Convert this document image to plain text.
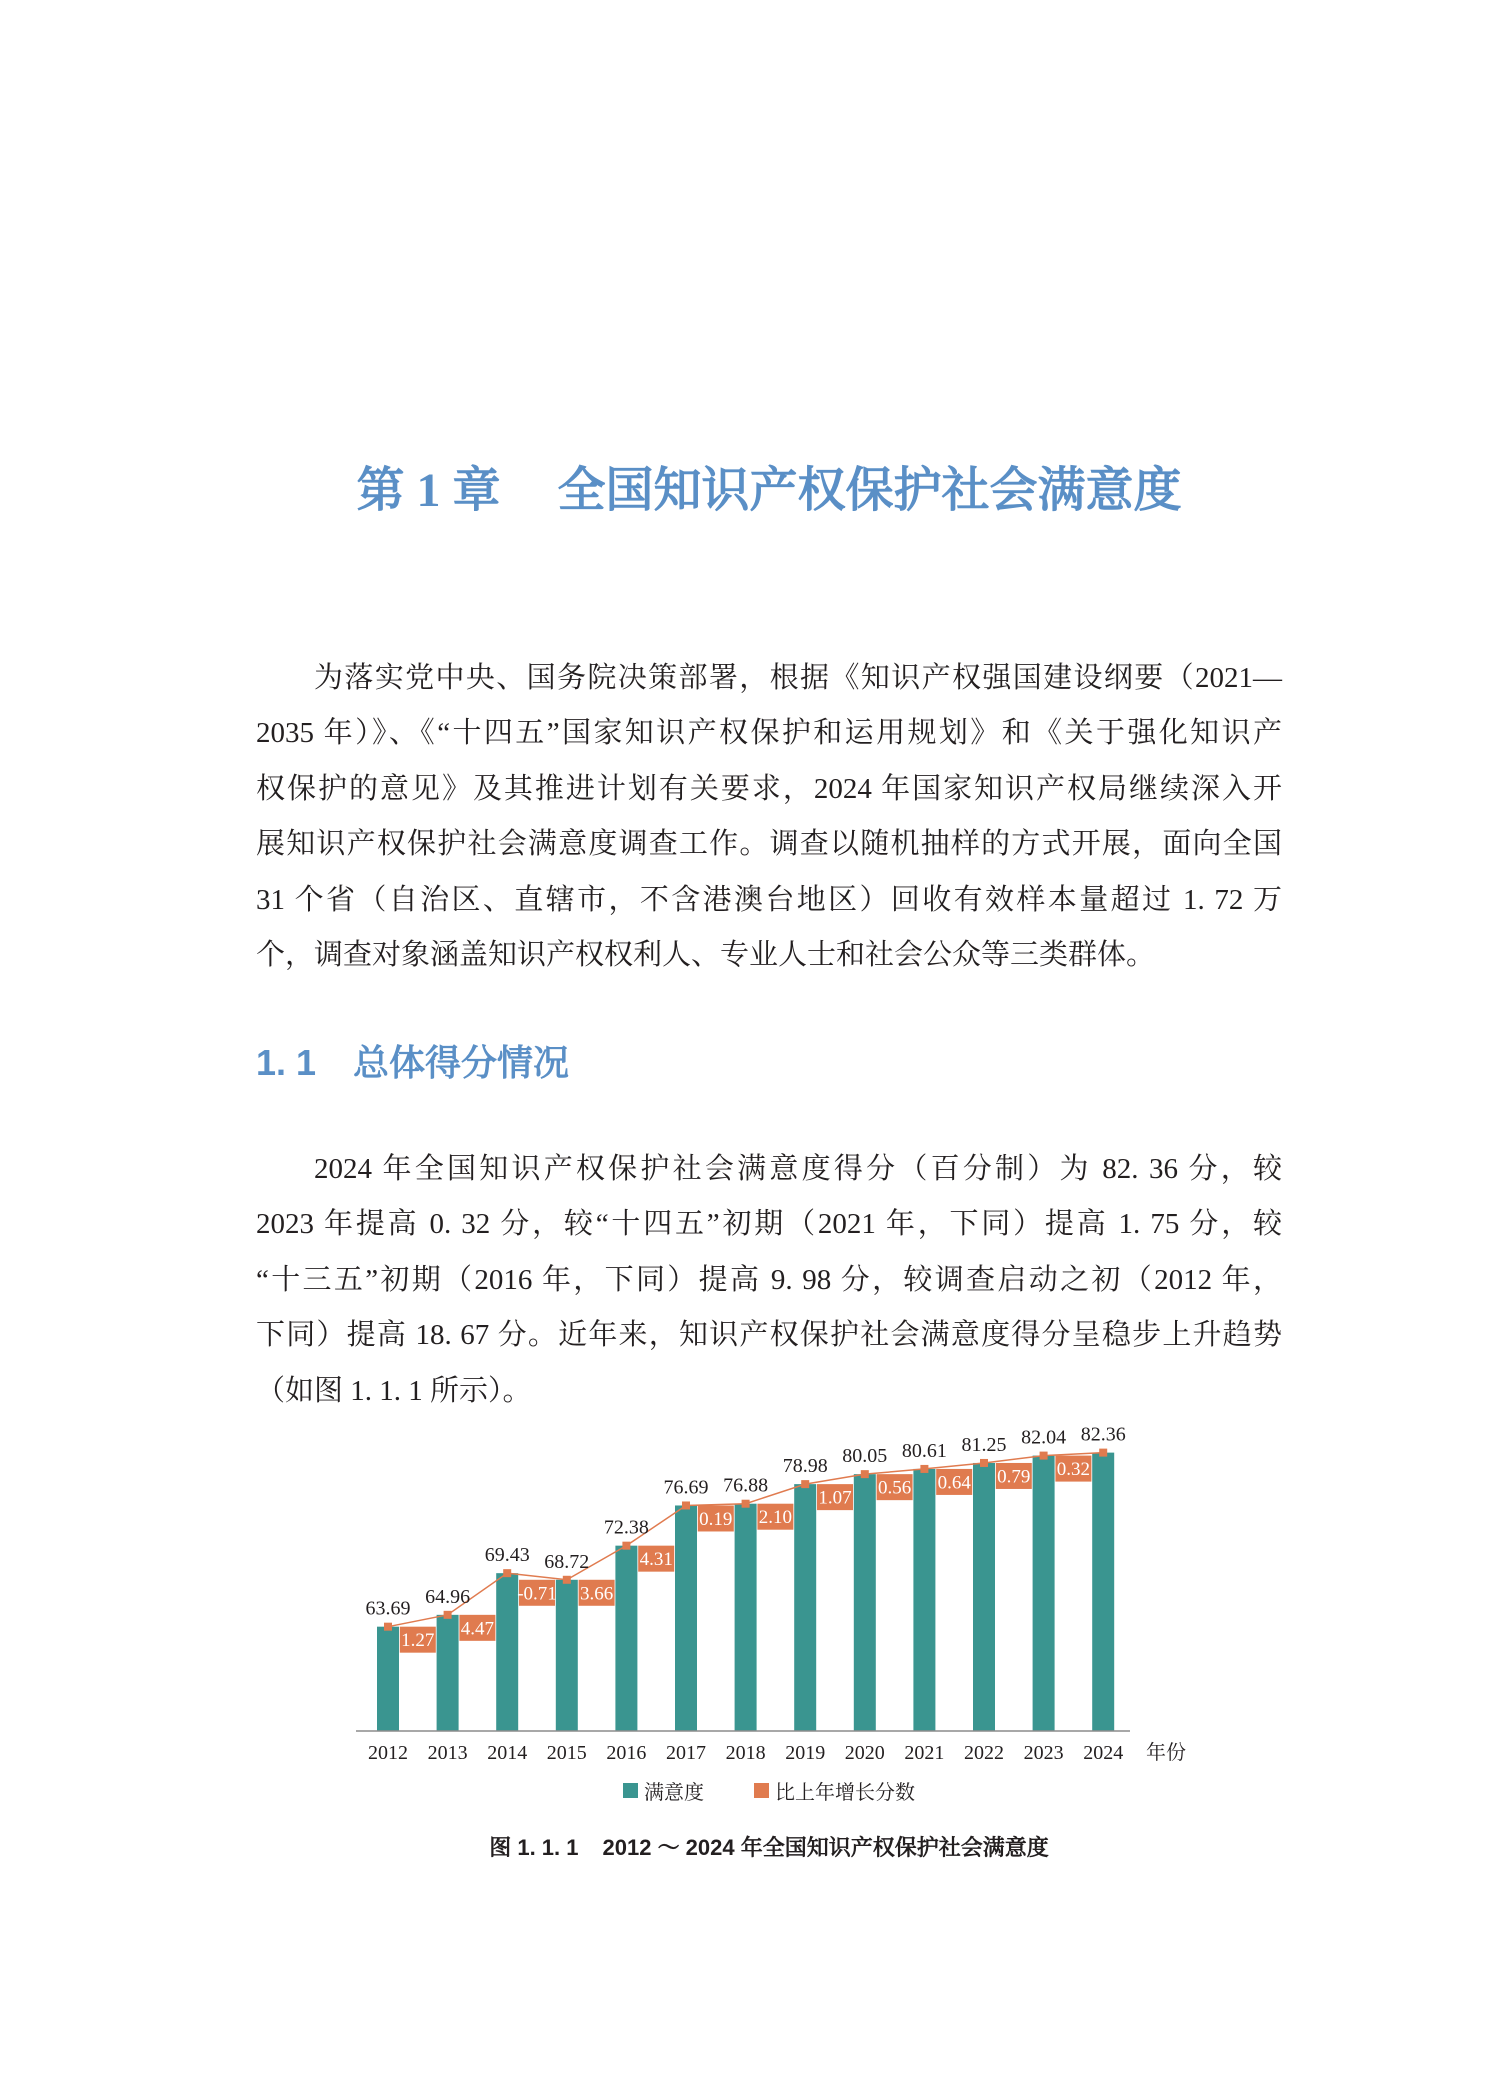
第 1 章 全国知识产权保护社会满意度
为落实党中央、国务院决策部署，根据《知识产权强国建设纲要（2021—
2035 年）》、《“十四五”国家知识产权保护和运用规划》和《关于强化知识产
权保护的意见》及其推进计划有关要求，2024 年国家知识产权局继续深入开
展知识产权保护社会满意度调查工作。调查以随机抽样的方式开展，面向全国
31 个省（自治区、直辖市，不含港澳台地区）回收有效样本量超过 1. 72 万
个，调查对象涵盖知识产权权利人、专业人士和社会公众等三类群体。
1. 1 总体得分情况
2024 年全国知识产权保护社会满意度得分（百分制）为 82. 36 分，较
2023 年提高 0. 32 分，较“十四五”初期（2021 年，下同）提高 1. 75 分，较
“十三五”初期（2016 年，下同）提高 9. 98 分，较调查启动之初（2012 年，
下同）提高 18. 67 分。近年来，知识产权保护社会满意度得分呈稳步上升趋势
（如图 1. 1. 1 所示）。
年份
63.69
64.96
69.43 68.72
72.38
76.69 76.88
78.98 80.05 80.61 81.25 82.04 82.36
1.27
4.47
-0.71 3.66
4.31
0.19 2.10
1.07 0.56 0.64 0.79 0.32
2012 2013 2014 2015 2016 2017 2018 2019 2020 2021 2022 2023 2024
满意度	比上年增长分数
图 1. 1. 1 2012 ～ 2024 年全国知识产权保护社会满意度
